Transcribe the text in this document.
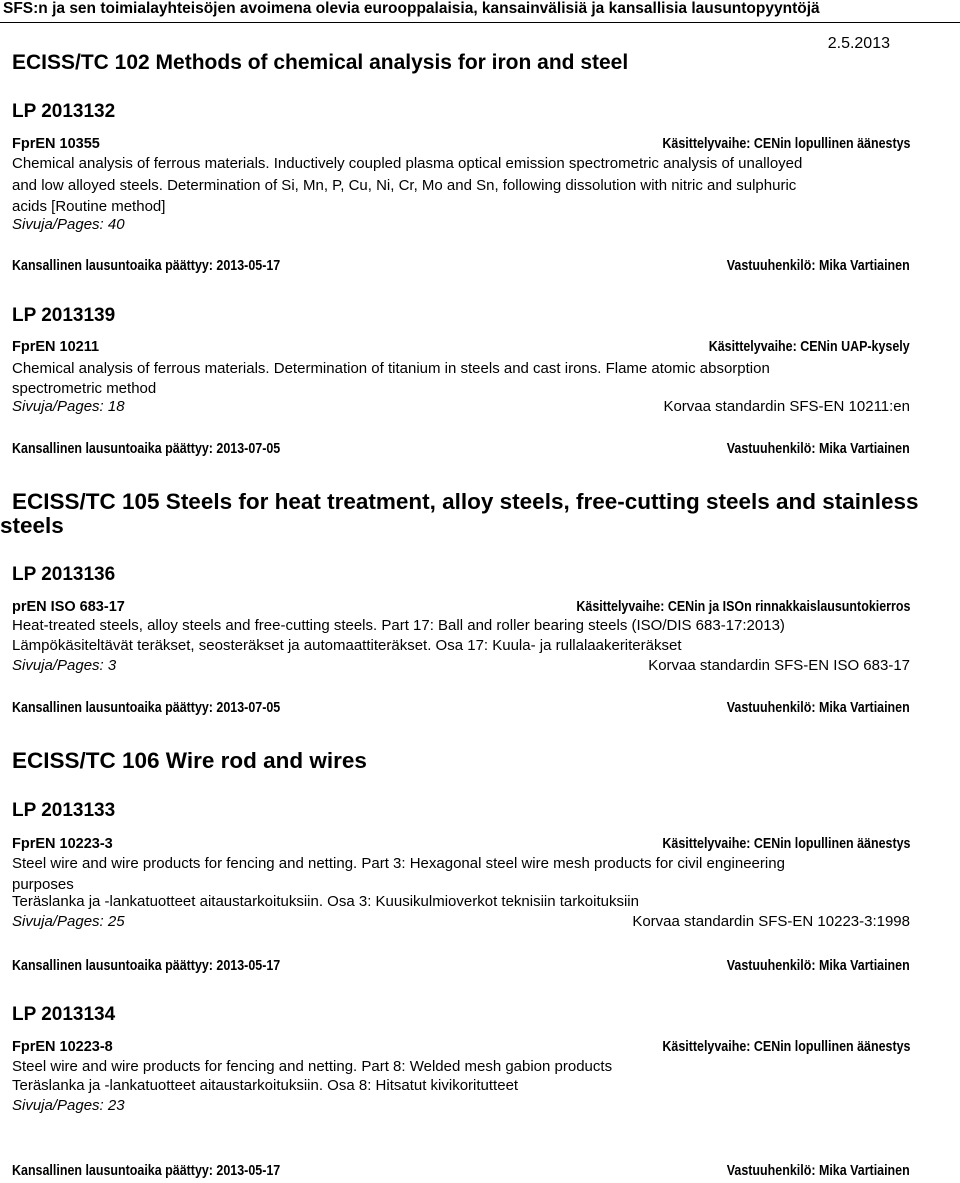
SFS:n ja sen toimialayhteisöjen avoimena olevia eurooppalaisia, kansainvälisiä ja kansallisia lausuntopyyntöjä
ECISS/TC 102 Methods of chemical analysis for iron and steel
2.5.2013
LP 2013132
FprEN 10355	Käsittelyvaihe: CENin lopullinen äänestys
Chemical analysis of ferrous materials. Inductively coupled plasma optical emission spectrometric analysis of unalloyed
and low alloyed steels. Determination of Si, Mn, P, Cu, Ni, Cr, Mo and Sn, following dissolution with nitric and sulphuric
acids [Routine method]
Sivuja/Pages: 40
Kansallinen lausuntoaika päättyy: 2013-05-17	Vastuuhenkilö: Mika Vartiainen
LP 2013139
FprEN 10211	Käsittelyvaihe: CENin UAP-kysely
Chemical analysis of ferrous materials. Determination of titanium in steels and cast irons. Flame atomic absorption
spectrometric method
Sivuja/Pages: 18	Korvaa standardin SFS-EN 10211:en
Kansallinen lausuntoaika päättyy: 2013-07-05	Vastuuhenkilö: Mika Vartiainen
ECISS/TC 105 Steels for heat treatment, alloy steels, free-cutting steels and stainless
steels
LP 2013136
prEN ISO 683-17	Käsittelyvaihe: CENin ja ISOn rinnakkaislausuntokierros
Heat-treated steels, alloy steels and free-cutting steels. Part 17: Ball and roller bearing steels (ISO/DIS 683-17:2013)
Lämpökäsiteltävät teräkset, seosteräkset ja automaattiteräkset. Osa 17: Kuula- ja rullalaakeriteräkset
Sivuja/Pages: 3	Korvaa standardin SFS-EN ISO 683-17
Kansallinen lausuntoaika päättyy: 2013-07-05	Vastuuhenkilö: Mika Vartiainen
ECISS/TC 106 Wire rod and wires
LP 2013133
FprEN 10223-3	Käsittelyvaihe: CENin lopullinen äänestys
Steel wire and wire products for fencing and netting. Part 3: Hexagonal steel wire mesh products for civil engineering
purposes
Teräslanka ja -lankatuotteet aitaustarkoituksiin. Osa 3: Kuusikulmioverkot teknisiin tarkoituksiin
Sivuja/Pages: 25	Korvaa standardin SFS-EN 10223-3:1998
Kansallinen lausuntoaika päättyy: 2013-05-17	Vastuuhenkilö: Mika Vartiainen
LP 2013134
FprEN 10223-8	Käsittelyvaihe: CENin lopullinen äänestys
Steel wire and wire products for fencing and netting. Part 8: Welded mesh gabion products
Teräslanka ja -lankatuotteet aitaustarkoituksiin. Osa 8: Hitsatut kivikoritutteet
Sivuja/Pages: 23
Kansallinen lausuntoaika päättyy: 2013-05-17	Vastuuhenkilö: Mika Vartiainen
